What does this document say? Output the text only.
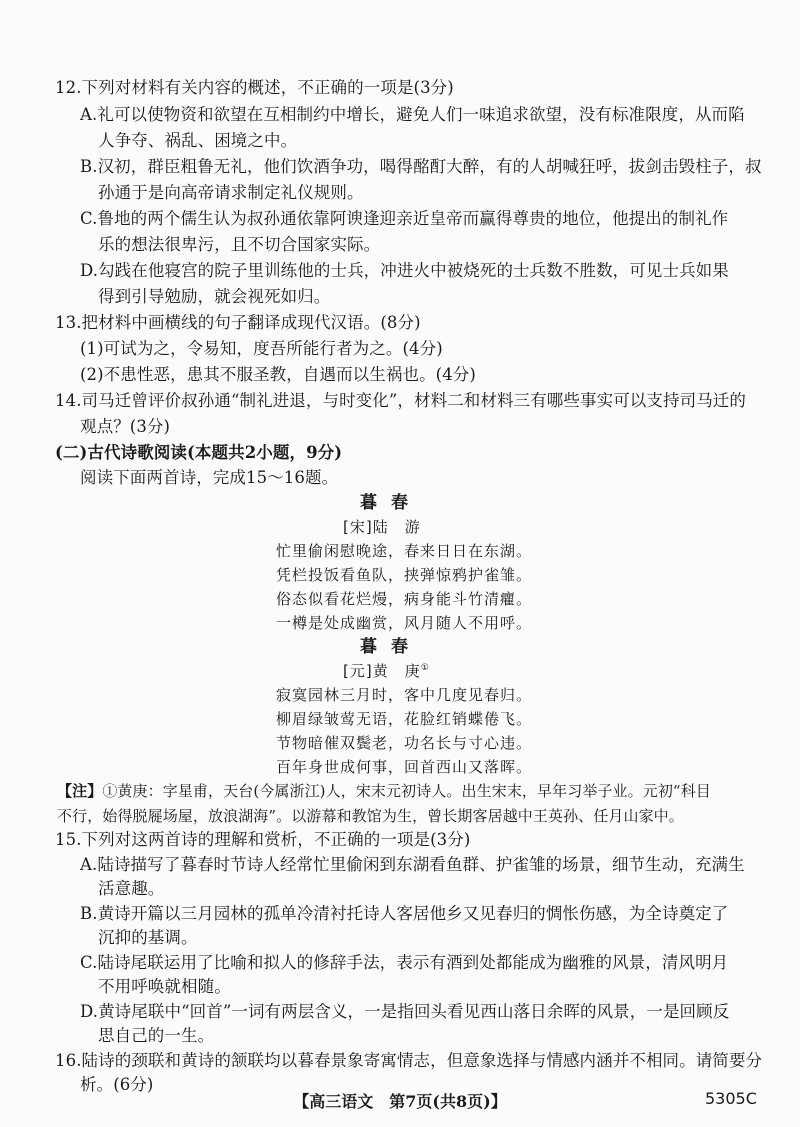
12.下列对材料有关内容的概述，不正确的一项是(3分)
A.礼可以使物资和欲望在互相制约中增长，避免人们一味追求欲望，没有标准限度，从而陷
人争夺、祸乱、困境之中。
B.汉初，群臣粗鲁无礼，他们饮酒争功，喝得酩酊大醉，有的人胡喊狂呼，拔剑击毁柱子，叔
孙通于是向高帝请求制定礼仪规则。
C.鲁地的两个儒生认为叔孙通依靠阿谀逢迎亲近皇帝而赢得尊贵的地位，他提出的制礼作
乐的想法很卑污，且不切合国家实际。
D.勾践在他寝宫的院子里训练他的士兵，冲进火中被烧死的士兵数不胜数，可见士兵如果
得到引导勉励，就会视死如归。
13.把材料中画横线的句子翻译成现代汉语。(8分)
(1)可试为之，令易知，度吾所能行者为之。(4分)
(2)不患性恶，患其不服圣教，自遇而以生祸也。(4分)
14.司马迁曾评价叔孙通“制礼进退，与时变化”，材料二和材料三有哪些事实可以支持司马迁的
观点？(3分)
(二)古代诗歌阅读(本题共2小题，9分)
阅读下面两首诗，完成15～16题。
暮春
[宋]陆　游
忙里偷闲慰晚途，春来日日在东湖。
凭栏投饭看鱼队，挟弹惊鸦护雀雏。
俗态似看花烂熳，病身能斗竹清癯。
一樽是处成幽赏，风月随人不用呼。
暮春
[元]黄　庚①
寂寞园林三月时，客中几度见春归。
柳眉绿皱莺无语，花脸红销蝶倦飞。
节物暗催双鬓老，功名长与寸心违。
百年身世成何事，回首西山又落晖。
【注】①黄庚：字星甫，天台(今属浙江)人，宋末元初诗人。出生宋末，早年习举子业。元初“科目
不行，始得脱屣场屋，放浪湖海”。以游幕和教馆为生，曾长期客居越中王英孙、任月山家中。
15.下列对这两首诗的理解和赏析，不正确的一项是(3分)
A.陆诗描写了暮春时节诗人经常忙里偷闲到东湖看鱼群、护雀雏的场景，细节生动，充满生
活意趣。
B.黄诗开篇以三月园林的孤单冷清衬托诗人客居他乡又见春归的惆怅伤感，为全诗奠定了
沉抑的基调。
C.陆诗尾联运用了比喻和拟人的修辞手法，表示有酒到处都能成为幽雅的风景，清风明月
不用呼唤就相随。
D.黄诗尾联中“回首”一词有两层含义，一是指回头看见西山落日余晖的风景，一是回顾反
思自己的一生。
16.陆诗的颈联和黄诗的颔联均以暮春景象寄寓情志，但意象选择与情感内涵并不相同。请简要分
析。(6分)
【高三语文　第7页(共8页)】	5305C
